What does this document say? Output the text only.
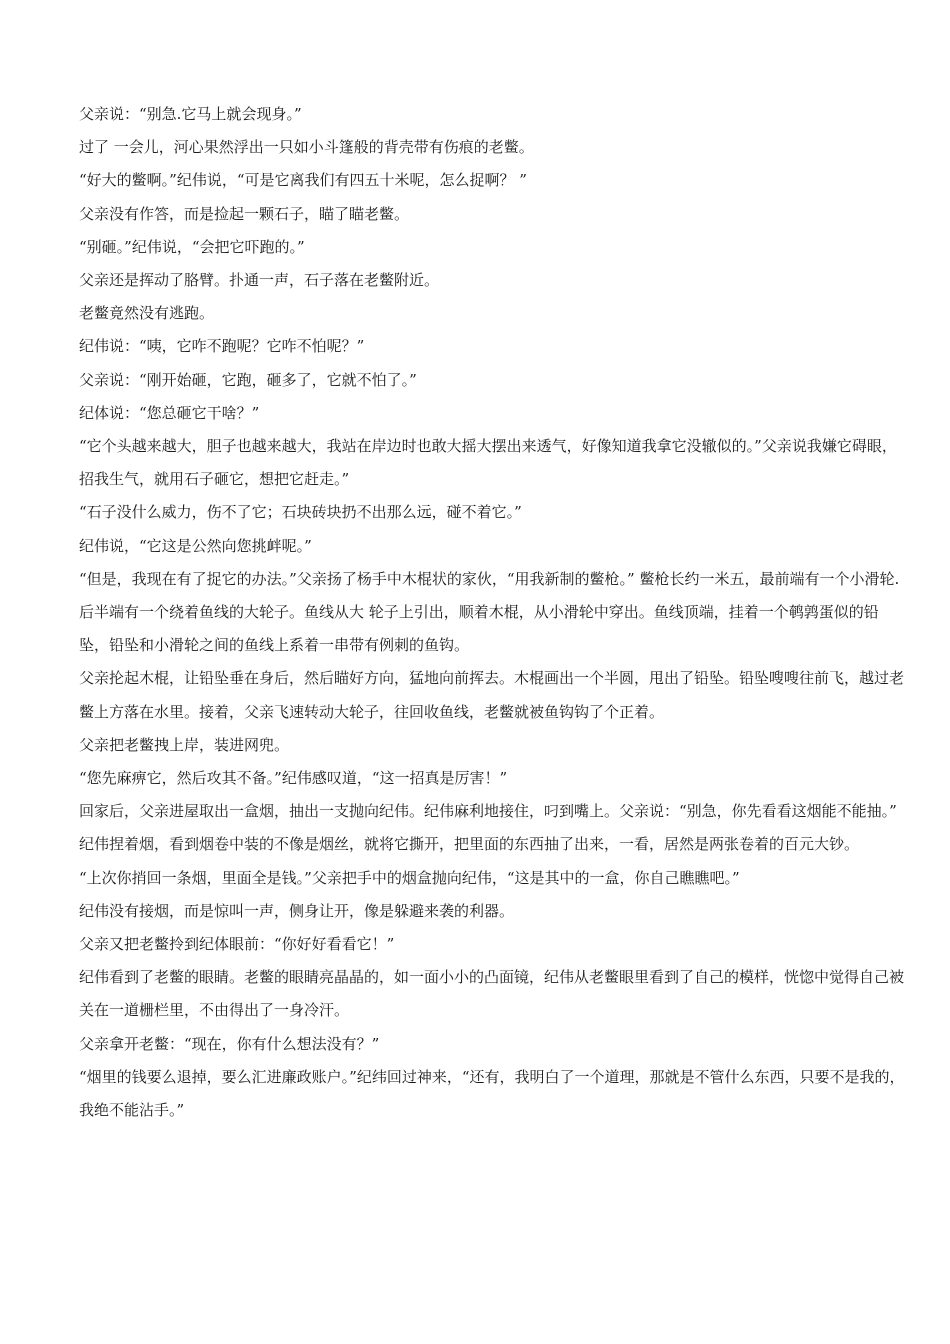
父亲说：“别急.它马上就会现身。”

过了 一会儿，河心果然浮出一只如小斗篷般的背壳带有伤痕的老鳖。

“好大的鳖啊。”纪伟说，“可是它离我们有四五十米呢，怎么捉啊？ ”

父亲没有作答，而是捡起一颗石子，瞄了瞄老鳖。

“别砸。”纪伟说，“会把它吓跑的。”

父亲还是挥动了胳臂。扑通一声，石子落在老鳖附近。

老鳖竟然没有逃跑。

纪伟说：“咦，它咋不跑呢？它咋不怕呢？”

父亲说：“刚开始砸，它跑，砸多了，它就不怕了。”

纪体说：“您总砸它干啥？”

“它个头越来越大，胆子也越来越大，我站在岸边时也敢大摇大摆出来透气，好像知道我拿它没辙似的。”父亲说我嫌它碍眼，招我生气，就用石子砸它，想把它赶走。”

“石子没什么威力，伤不了它；石块砖块扔不出那么远，碰不着它。”

纪伟说，“它这是公然向您挑衅呢。”

“但是，我现在有了捉它的办法。”父亲扬了杨手中木棍状的家伙，“用我新制的鳖枪。” 鳖枪长约一米五，最前端有一个小滑轮.后半端有一个绕着鱼线的大轮子。鱼线从大 轮子上引出，顺着木棍，从小滑轮中穿出。鱼线顶端，挂着一个鹌鹑蛋似的铅坠，铅坠和小滑轮之间的鱼线上系着一串带有例刺的鱼钩。

父亲抡起木棍，让铅坠垂在身后，然后瞄好方向，猛地向前挥去。木棍画出一个半圆，甩出了铅坠。铅坠嗖嗖往前飞，越过老鳖上方落在水里。接着，父亲飞速转动大轮子，往回收鱼线，老鳖就被鱼钩钩了个正着。

父亲把老鳖拽上岸，装进网兜。

“您先麻痹它，然后攻其不备。”纪伟感叹道，“这一招真是厉害！”

回家后，父亲进屋取出一盒烟，抽出一支抛向纪伟。纪伟麻利地接住，叼到嘴上。父亲说：“别急，你先看看这烟能不能抽。”

纪伟捏着烟，看到烟卷中装的不像是烟丝，就将它撕开，把里面的东西抽了出来，一看，居然是两张卷着的百元大钞。

“上次你捎回一条烟，里面全是钱。”父亲把手中的烟盒抛向纪伟，“这是其中的一盒，你自己瞧瞧吧。”

纪伟没有接烟，而是惊叫一声，侧身让开，像是躲避来袭的利器。

父亲又把老鳖拎到纪体眼前：“你好好看看它！”

纪伟看到了老鳖的眼睛。老鳖的眼睛亮晶晶的，如一面小小的凸面镜，纪伟从老鳖眼里看到了自己的模样，恍惚中觉得自己被关在一道栅栏里，不由得出了一身冷汗。

父亲拿开老鳖：“现在，你有什么想法没有？”

“烟里的钱要么退掉，要么汇进廉政账户。”纪纬回过神来，“还有，我明白了一个道理，那就是不管什么东西，只要不是我的，我绝不能沾手。”
